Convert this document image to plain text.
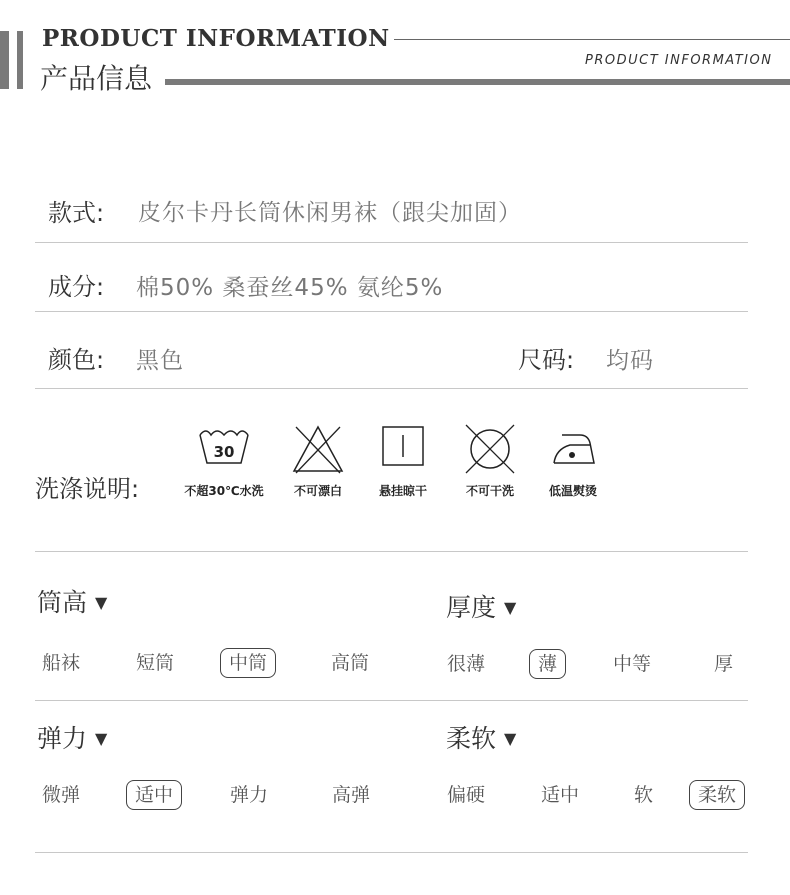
PRODUCT INFORMATION
PRODUCT INFORMATION
产品信息
款式: 皮尔卡丹长筒休闲男袜（跟尖加固）
成分: 棉50% 桑蚕丝45% 氨纶5%
颜色: 黑色	尺码: 均码
洗涤说明:
30
不超30℃水洗	不可漂白	悬挂晾干	不可干洗	低温熨烫
筒高 ▼
船袜	短筒	中筒	高筒
厚度 ▼
很薄	薄	中等	厚
弹力 ▼
微弹	适中	弹力	高弹
柔软 ▼
偏硬	适中	软	柔软
